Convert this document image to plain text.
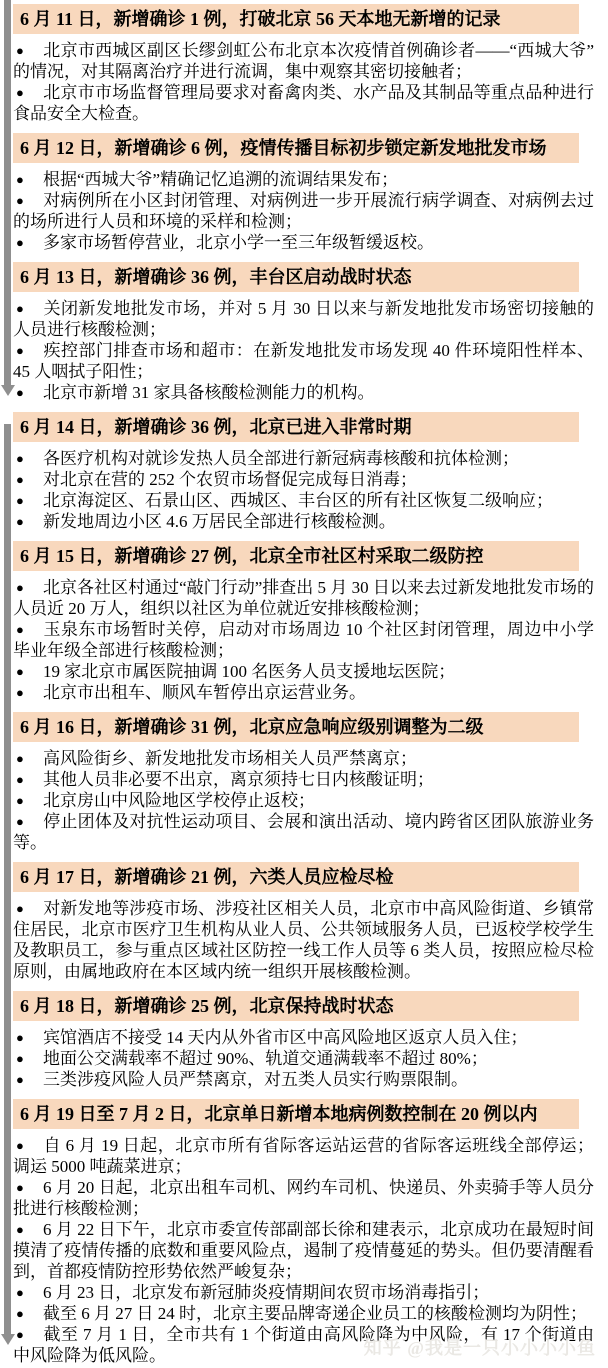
6 月 11 日，新增确诊 1 例，打破北京 56 天本地无新增的记录

● 北京市西城区副区长缪剑虹公布北京本次疫情首例确诊者——“西城大爷”的情况，对其隔离治疗并进行流调，集中观察其密切接触者；

● 北京市市场监督管理局要求对畜禽肉类、水产品及其制品等重点品种进行食品安全大检查。

6 月 12 日，新增确诊 6 例，疫情传播目标初步锁定新发地批发市场

● 根据“西城大爷”精确记忆追溯的流调结果发布；

● 对病例所在小区封闭管理、对病例进一步开展流行病学调查、对病例去过的场所进行人员和环境的采样和检测；

● 多家市场暂停营业，北京小学一至三年级暂缓返校。

6 月 13 日，新增确诊 36 例，丰台区启动战时状态

● 关闭新发地批发市场，并对 5 月 30 日以来与新发地批发市场密切接触的人员进行核酸检测；

● 疾控部门排查市场和超市：在新发地批发市场发现 40 件环境阳性样本、45 人咽拭子阳性；

● 北京市新增 31 家具备核酸检测能力的机构。

6 月 14 日，新增确诊 36 例，北京已进入非常时期

● 各医疗机构对就诊发热人员全部进行新冠病毒核酸和抗体检测；

● 对北京在营的 252 个农贸市场督促完成每日消毒；

● 北京海淀区、石景山区、西城区、丰台区的所有社区恢复二级响应；

● 新发地周边小区 4.6 万居民全部进行核酸检测。

6 月 15 日，新增确诊 27 例，北京全市社区村采取二级防控

● 北京各社区村通过“敲门行动”排查出 5 月 30 日以来去过新发地批发市场的人员近 20 万人，组织以社区为单位就近安排核酸检测；

● 玉泉东市场暂时关停，启动对市场周边 10 个社区封闭管理，周边中小学毕业年级全部进行核酸检测；

● 19 家北京市属医院抽调 100 名医务人员支援地坛医院；

● 北京市出租车、顺风车暂停出京运营业务。

6 月 16 日，新增确诊 31 例，北京应急响应级别调整为二级

● 高风险街乡、新发地批发市场相关人员严禁离京；

● 其他人员非必要不出京，离京须持七日内核酸证明；

● 北京房山中风险地区学校停止返校；

● 停止团体及对抗性运动项目、会展和演出活动、境内跨省区团队旅游业务等。

6 月 17 日，新增确诊 21 例，六类人员应检尽检

● 对新发地等涉疫市场、涉疫社区相关人员，北京市中高风险街道、乡镇常住居民，北京市医疗卫生机构从业人员、公共领域服务人员，已返校学校学生及教职员工，参与重点区域社区防控一线工作人员等 6 类人员，按照应检尽检原则，由属地政府在本区域内统一组织开展核酸检测。

6 月 18 日，新增确诊 25 例，北京保持战时状态

● 宾馆酒店不接受 14 天内从外省市区中高风险地区返京人员入住；

● 地面公交满载率不超过 90%、轨道交通满载率不超过 80%；

● 三类涉疫风险人员严禁离京，对五类人员实行购票限制。

6 月 19 日至 7 月 2 日，北京单日新增本地病例数控制在 20 例以内

● 自 6 月 19 日起，北京市所有省际客运站运营的省际客运班线全部停运；调运 5000 吨蔬菜进京；

● 6 月 20 日起，北京出租车司机、网约车司机、快递员、外卖骑手等人员分批进行核酸检测；

● 6 月 22 日下午，北京市委宣传部副部长徐和建表示，北京成功在最短时间摸清了疫情传播的底数和重要风险点，遏制了疫情蔓延的势头。但仍要清醒看到，首都疫情防控形势依然严峻复杂；

● 6 月 23 日，北京发布新冠肺炎疫情期间农贸市场消毒指引；

● 截至 6 月 27 日 24 时，北京主要品牌寄递企业员工的核酸检测均为阴性；

● 截至 7 月 1 日，全市共有 1 个街道由高风险降为中风险，有 17 个街道由中风险降为低风险。	知乎 @我是一只小小小小鱼
